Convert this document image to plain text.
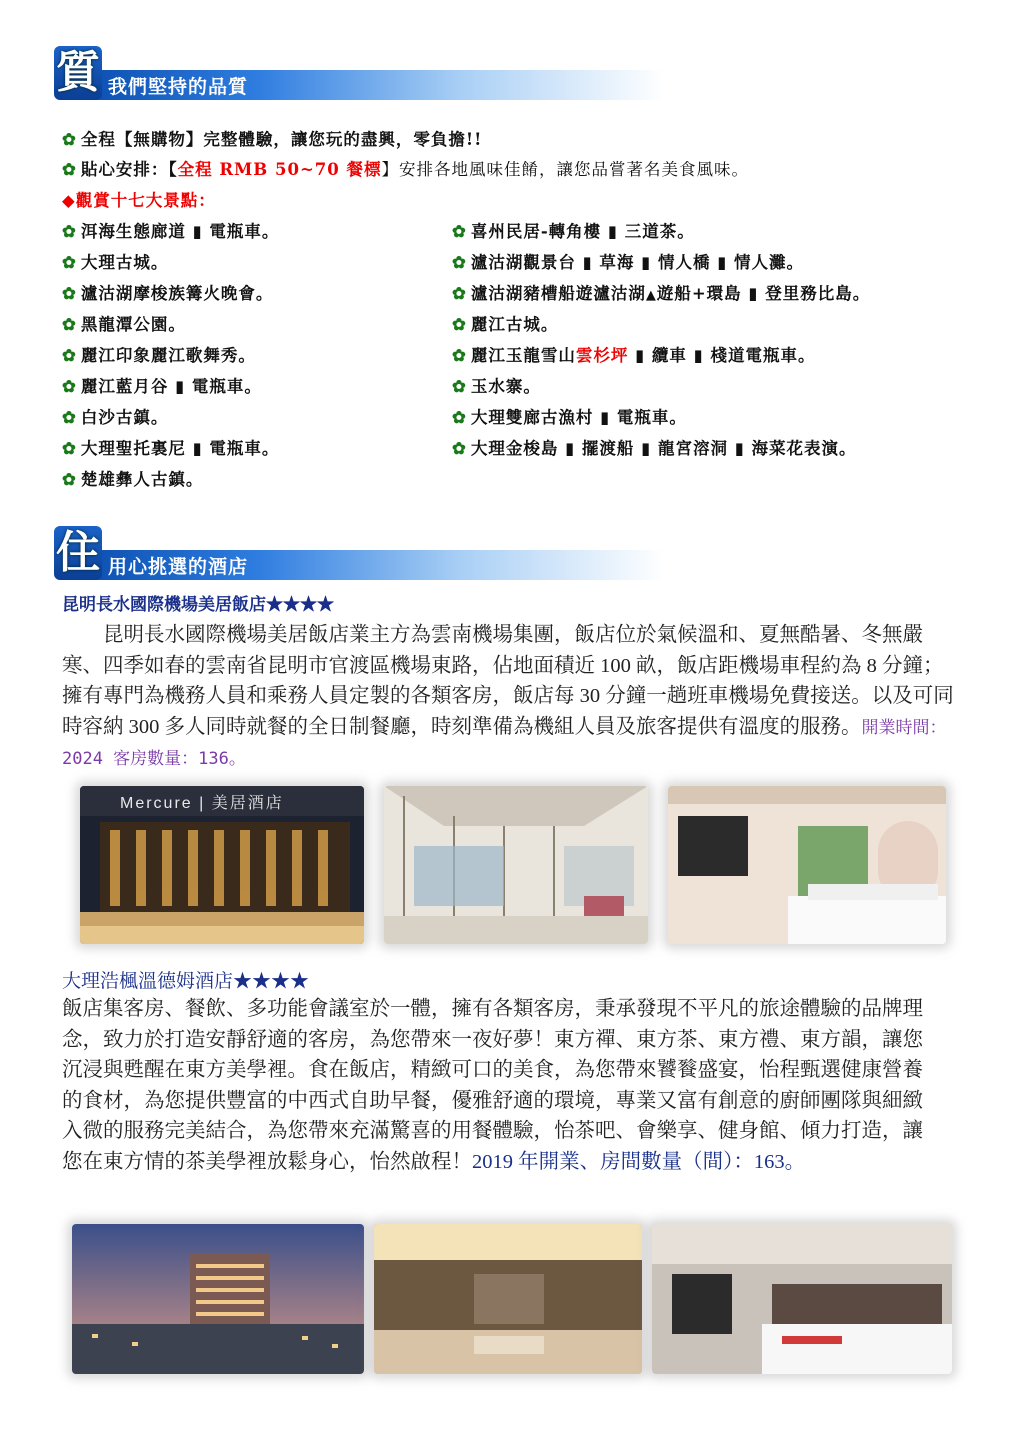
質 我們堅持的品質
✿ 全程【無購物】完整體驗，讓您玩的盡興，零負擔!!
✿ 貼心安排：【全程 RMB 50~70 餐標】安排各地風味佳餚，讓您品嘗著名美食風味。
◆觀賞十七大景點：
✿ 洱海生態廊道 ▮ 電瓶車。
✿ 大理古城。
✿ 瀘沽湖摩梭族篝火晚會。
✿ 黑龍潭公園。
✿ 麗江印象麗江歌舞秀。
✿ 麗江藍月谷 ▮ 電瓶車。
✿ 白沙古鎮。
✿ 大理聖托裏尼 ▮ 電瓶車。
✿ 楚雄彝人古鎮。
✿ 喜州民居-轉角樓 ▮ 三道茶。
✿ 瀘沽湖觀景台 ▮ 草海 ▮ 情人橋 ▮ 情人灘。
✿ 瀘沽湖豬槽船遊瀘沽湖▲遊船+環島 ▮ 登里務比島。
✿ 麗江古城。
✿ 麗江玉龍雪山雲杉坪 ▮ 纜車 ▮ 棧道電瓶車。
✿ 玉水寨。
✿ 大理雙廊古漁村 ▮ 電瓶車。
✿ 大理金梭島 ▮ 擺渡船 ▮ 龍宮溶洞 ▮ 海菜花表演。
住 用心挑選的酒店
昆明長水國際機場美居飯店★★★★
昆明長水國際機場美居飯店業主方為雲南機場集團，飯店位於氣候溫和、夏無酷暑、冬無嚴寒、四季如春的雲南省昆明市官渡區機場東路，佔地面積近 100 畝，飯店距機場車程約為 8 分鐘；擁有專門為機務人員和乘務人員定製的各類客房，飯店每 30 分鐘一趟班車機場免費接送。以及可同時容納 300 多人同時就餐的全日制餐廳，時刻準備為機組人員及旅客提供有溫度的服務。開業時間：2024 客房數量：136。
Mercure | 美居酒店
大理浩楓溫德姆酒店★★★★
飯店集客房、餐飲、多功能會議室於一體，擁有各類客房，秉承發現不平凡的旅途體驗的品牌理念，致力於打造安靜舒適的客房，為您帶來一夜好夢！東方禪、東方茶、東方禮、東方韻，讓您沉浸與甦醒在東方美學裡。食在飯店，精緻可口的美食，為您帶來饕餮盛宴，怡程甄選健康營養的食材，為您提供豐富的中西式自助早餐，優雅舒適的環境，專業又富有創意的廚師團隊與細緻入微的服務完美結合，為您帶來充滿驚喜的用餐體驗，怡茶吧、會樂享、健身館、傾力打造，讓您在東方情的茶美學裡放鬆身心，怡然啟程！2019 年開業、房間數量（間）：163。
